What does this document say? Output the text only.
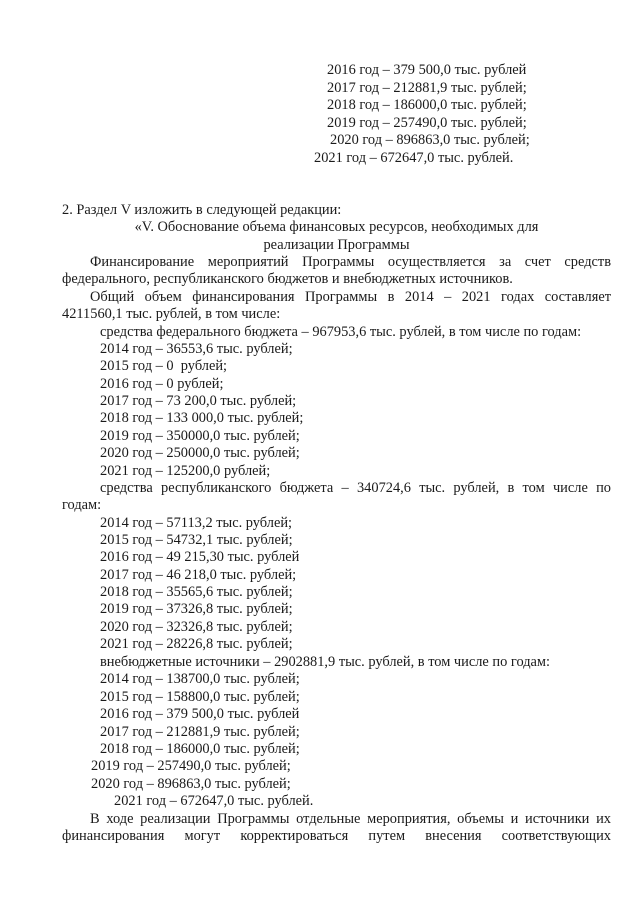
2016 год – 379 500,0 тыс. рублей
2017 год – 212881,9 тыс. рублей;
2018 год – 186000,0 тыс. рублей;
2019 год – 257490,0 тыс. рублей;
2020 год – 896863,0 тыс. рублей;
2021 год – 672647,0 тыс. рублей.
2. Раздел V изложить в следующей редакции:
«V. Обоснование объема финансовых ресурсов, необходимых для
реализации Программы
Финансирование мероприятий Программы осуществляется за счет средств
федерального, республиканского бюджетов и внебюджетных источников.
Общий объем финансирования Программы в 2014 – 2021 годах составляет
4211560,1 тыс. рублей, в том числе:
средства федерального бюджета – 967953,6 тыс. рублей, в том числе по годам:
2014 год – 36553,6 тыс. рублей;
2015 год – 0  рублей;
2016 год – 0 рублей;
2017 год – 73 200,0 тыс. рублей;
2018 год – 133 000,0 тыс. рублей;
2019 год – 350000,0 тыс. рублей;
2020 год – 250000,0 тыс. рублей;
2021 год – 125200,0 рублей;
средства республиканского бюджета – 340724,6 тыс. рублей, в том числе по
годам:
2014 год – 57113,2 тыс. рублей;
2015 год – 54732,1 тыс. рублей;
2016 год – 49 215,30 тыс. рублей
2017 год – 46 218,0 тыс. рублей;
2018 год – 35565,6 тыс. рублей;
2019 год – 37326,8 тыс. рублей;
2020 год – 32326,8 тыс. рублей;
2021 год – 28226,8 тыс. рублей;
внебюджетные источники – 2902881,9 тыс. рублей, в том числе по годам:
2014 год – 138700,0 тыс. рублей;
2015 год – 158800,0 тыс. рублей;
2016 год – 379 500,0 тыс. рублей
2017 год – 212881,9 тыс. рублей;
2018 год – 186000,0 тыс. рублей;
2019 год – 257490,0 тыс. рублей;
2020 год – 896863,0 тыс. рублей;
2021 год – 672647,0 тыс. рублей.
В ходе реализации Программы отдельные мероприятия, объемы и источники их
финансирования могут корректироваться путем внесения соответствующих
